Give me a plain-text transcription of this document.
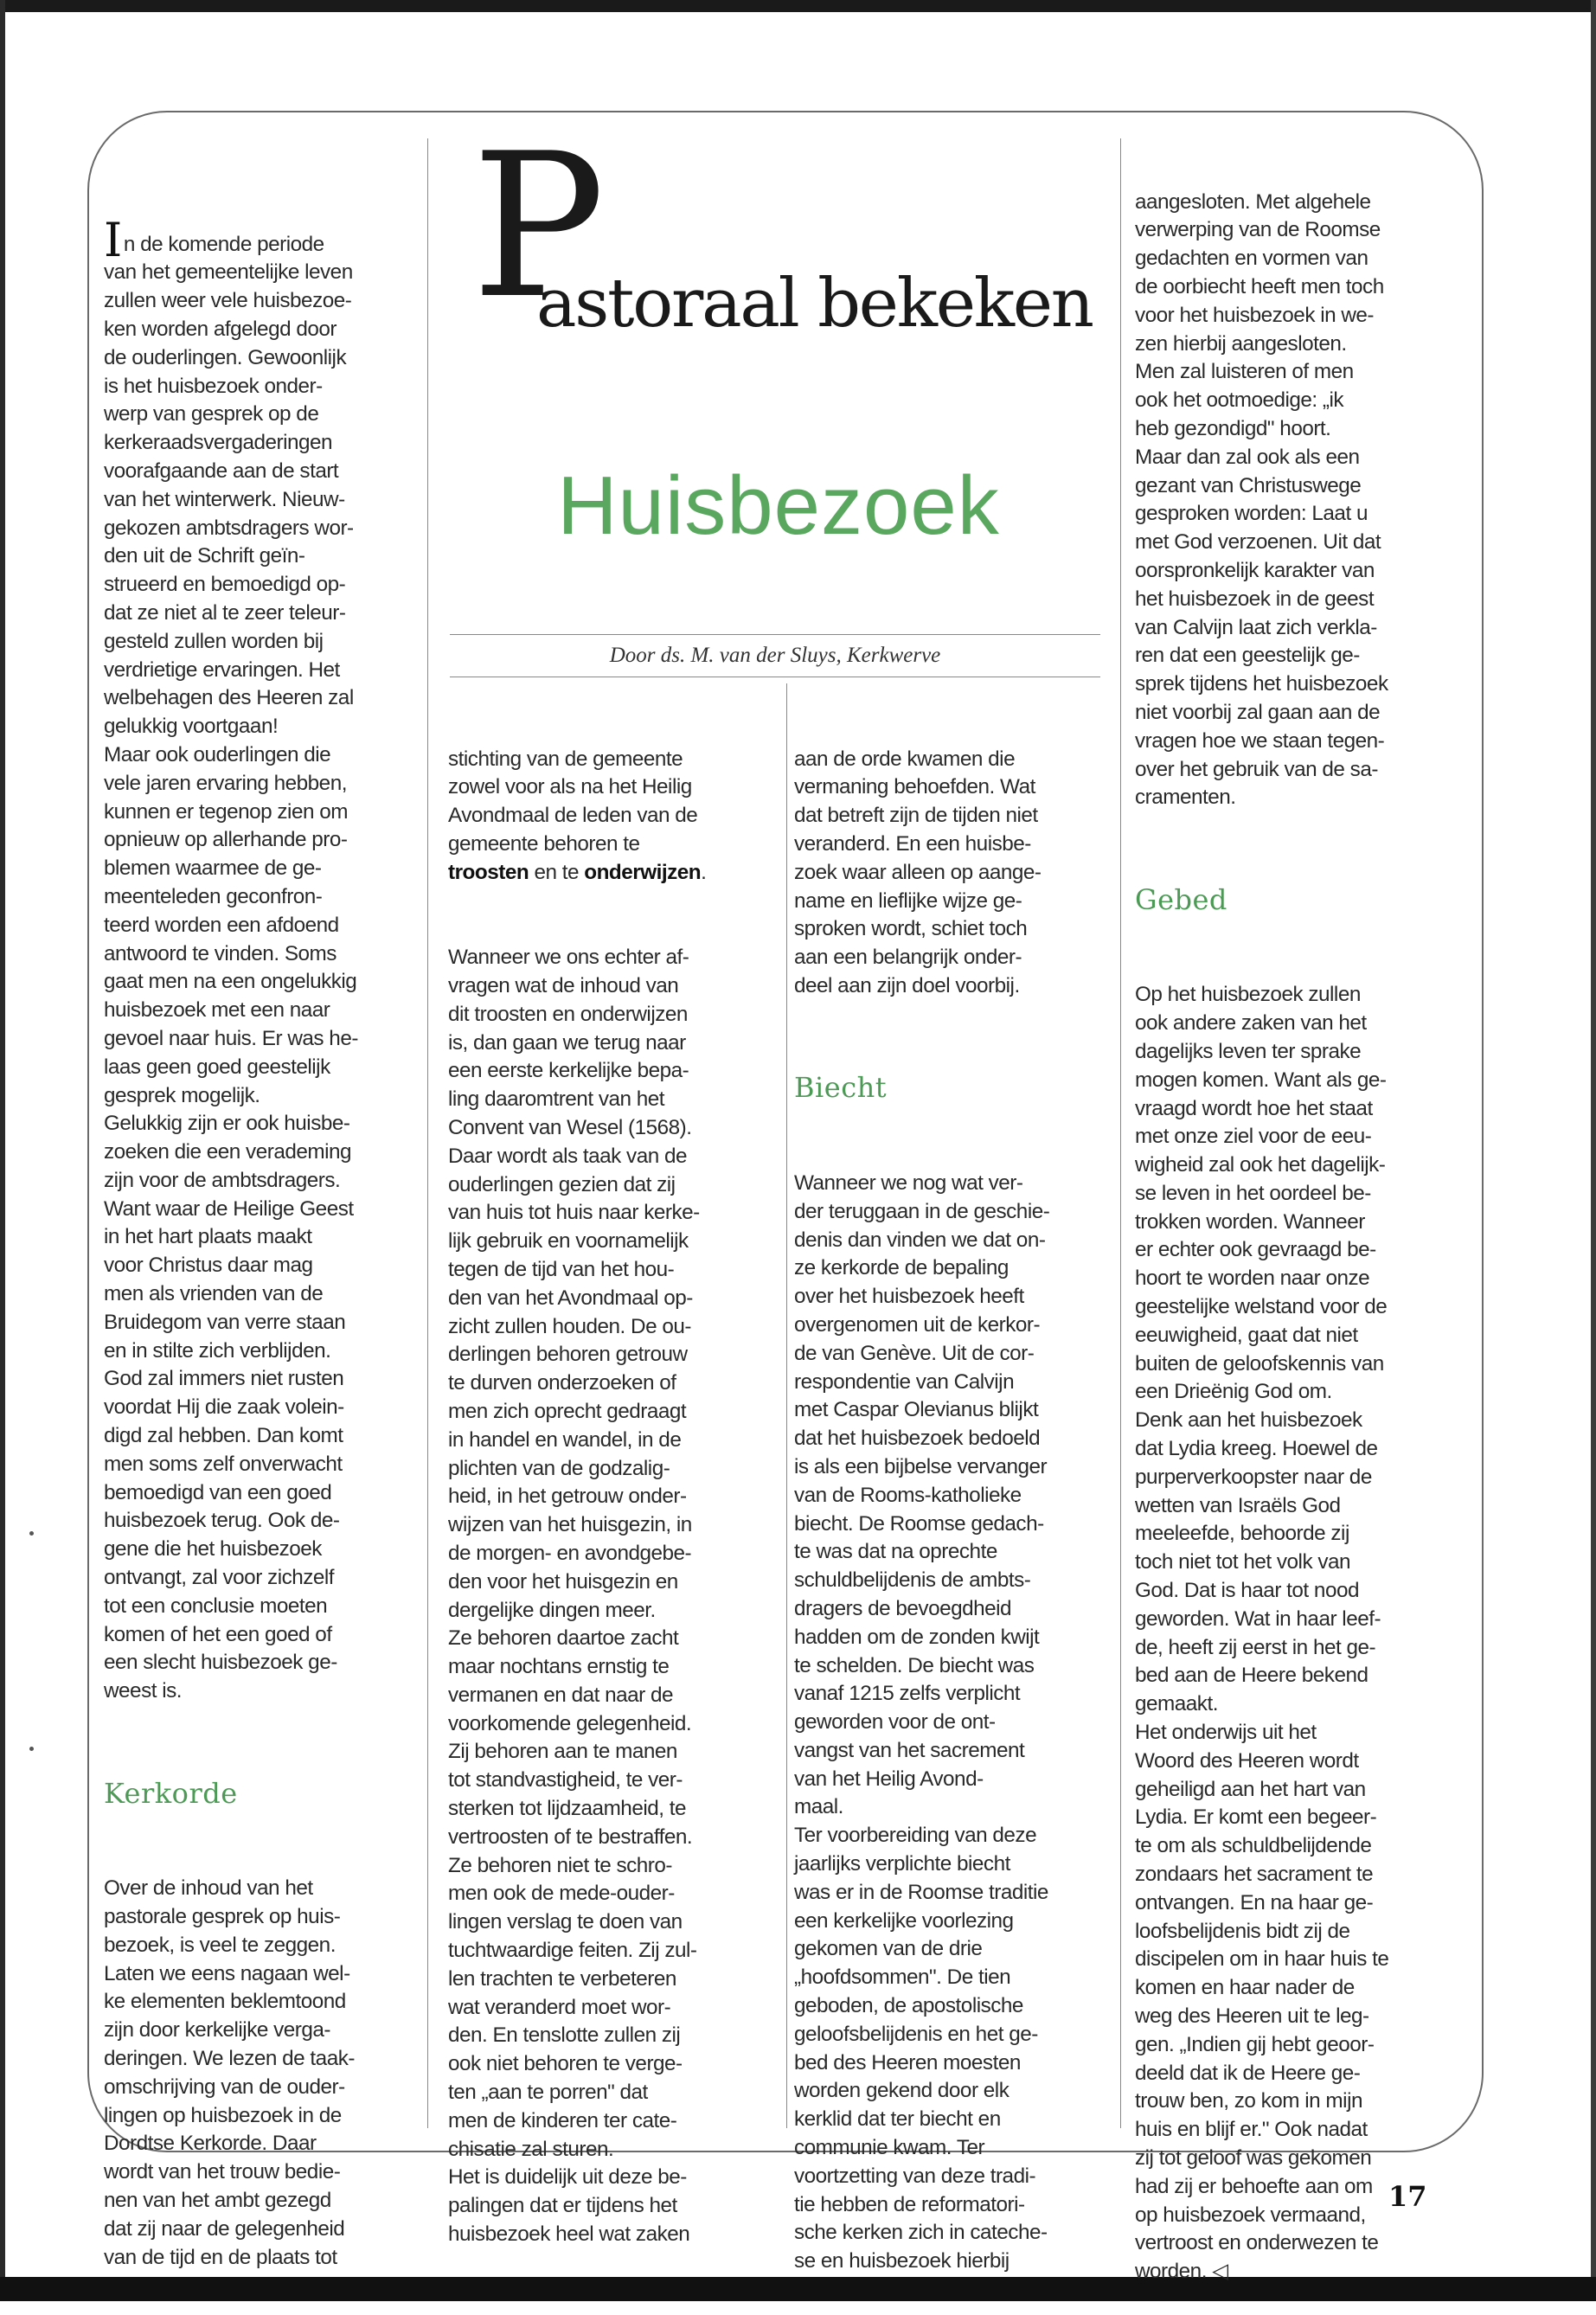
P
astoraal bekeken
Huisbezoek
Door ds. M. van der Sluys, Kerkwerve

In de komende periode
van het gemeentelijke leven
zullen weer vele huisbezoe-
ken worden afgelegd door
de ouderlingen. Gewoonlijk
is het huisbezoek onder-
werp van gesprek op de
kerkeraadsvergaderingen
voorafgaande aan de start
van het winterwerk. Nieuw-
gekozen ambtsdragers wor-
den uit de Schrift geïn-
strueerd en bemoedigd op-
dat ze niet al te zeer teleur-
gesteld zullen worden bij
verdrietige ervaringen. Het
welbehagen des Heeren zal
gelukkig voortgaan!
Maar ook ouderlingen die
vele jaren ervaring hebben,
kunnen er tegenop zien om
opnieuw op allerhande pro-
blemen waarmee de ge-
meenteleden geconfron-
teerd worden een afdoend
antwoord te vinden. Soms
gaat men na een ongelukkig
huisbezoek met een naar
gevoel naar huis. Er was he-
laas geen goed geestelijk
gesprek mogelijk.
Gelukkig zijn er ook huisbe-
zoeken die een verademing
zijn voor de ambtsdragers.
Want waar de Heilige Geest
in het hart plaats maakt
voor Christus daar mag
men als vrienden van de
Bruidegom van verre staan
en in stilte zich verblijden.
God zal immers niet rusten
voordat Hij die zaak volein-
digd zal hebben. Dan komt
men soms zelf onverwacht
bemoedigd van een goed
huisbezoek terug. Ook de-
gene die het huisbezoek
ontvangt, zal voor zichzelf
tot een conclusie moeten
komen of het een goed of
een slecht huisbezoek ge-
weest is.

Kerkorde

Over de inhoud van het
pastorale gesprek op huis-
bezoek, is veel te zeggen.
Laten we eens nagaan wel-
ke elementen beklemtoond
zijn door kerkelijke verga-
deringen. We lezen de taak-
omschrijving van de ouder-
lingen op huisbezoek in de
Dordtse Kerkorde. Daar
wordt van het trouw bedie-
nen van het ambt gezegd
dat zij naar de gelegenheid
van de tijd en de plaats tot

stichting van de gemeente
zowel voor als na het Heilig
Avondmaal de leden van de
gemeente behoren te
troosten en te onderwijzen.

Wanneer we ons echter af-
vragen wat de inhoud van
dit troosten en onderwijzen
is, dan gaan we terug naar
een eerste kerkelijke bepa-
ling daaromtrent van het
Convent van Wesel (1568).
Daar wordt als taak van de
ouderlingen gezien dat zij
van huis tot huis naar kerke-
lijk gebruik en voornamelijk
tegen de tijd van het hou-
den van het Avondmaal op-
zicht zullen houden. De ou-
derlingen behoren getrouw
te durven onderzoeken of
men zich oprecht gedraagt
in handel en wandel, in de
plichten van de godzalig-
heid, in het getrouw onder-
wijzen van het huisgezin, in
de morgen- en avondgebe-
den voor het huisgezin en
dergelijke dingen meer.
Ze behoren daartoe zacht
maar nochtans ernstig te
vermanen en dat naar de
voorkomende gelegenheid.
Zij behoren aan te manen
tot standvastigheid, te ver-
sterken tot lijdzaamheid, te
vertroosten of te bestraffen.
Ze behoren niet te schro-
men ook de mede-ouder-
lingen verslag te doen van
tuchtwaardige feiten. Zij zul-
len trachten te verbeteren
wat veranderd moet wor-
den. En tenslotte zullen zij
ook niet behoren te verge-
ten „aan te porren" dat
men de kinderen ter cate-
chisatie zal sturen.
Het is duidelijk uit deze be-
palingen dat er tijdens het
huisbezoek heel wat zaken

aan de orde kwamen die
vermaning behoefden. Wat
dat betreft zijn de tijden niet
veranderd. En een huisbe-
zoek waar alleen op aange-
name en lieflijke wijze ge-
sproken wordt, schiet toch
aan een belangrijk onder-
deel aan zijn doel voorbij.

Biecht

Wanneer we nog wat ver-
der teruggaan in de geschie-
denis dan vinden we dat on-
ze kerkorde de bepaling
over het huisbezoek heeft
overgenomen uit de kerkor-
de van Genève. Uit de cor-
respondentie van Calvijn
met Caspar Olevianus blijkt
dat het huisbezoek bedoeld
is als een bijbelse vervanger
van de Rooms-katholieke
biecht. De Roomse gedach-
te was dat na oprechte
schuldbelijdenis de ambts-
dragers de bevoegdheid
hadden om de zonden kwijt
te schelden. De biecht was
vanaf 1215 zelfs verplicht
geworden voor de ont-
vangst van het sacrement
van het Heilig Avond-
maal.
Ter voorbereiding van deze
jaarlijks verplichte biecht
was er in de Roomse traditie
een kerkelijke voorlezing
gekomen van de drie
„hoofdsommen". De tien
geboden, de apostolische
geloofsbelijdenis en het ge-
bed des Heeren moesten
worden gekend door elk
kerklid dat ter biecht en
communie kwam. Ter
voortzetting van deze tradi-
tie hebben de reformatori-
sche kerken zich in cateche-
se en huisbezoek hierbij

aangesloten. Met algehele
verwerping van de Roomse
gedachten en vormen van
de oorbiecht heeft men toch
voor het huisbezoek in we-
zen hierbij aangesloten.
Men zal luisteren of men
ook het ootmoedige: „ik
heb gezondigd" hoort.
Maar dan zal ook als een
gezant van Christuswege
gesproken worden: Laat u
met God verzoenen. Uit dat
oorspronkelijk karakter van
het huisbezoek in de geest
van Calvijn laat zich verkla-
ren dat een geestelijk ge-
sprek tijdens het huisbezoek
niet voorbij zal gaan aan de
vragen hoe we staan tegen-
over het gebruik van de sa-
cramenten.

Gebed

Op het huisbezoek zullen
ook andere zaken van het
dagelijks leven ter sprake
mogen komen. Want als ge-
vraagd wordt hoe het staat
met onze ziel voor de eeu-
wigheid zal ook het dagelijk-
se leven in het oordeel be-
trokken worden. Wanneer
er echter ook gevraagd be-
hoort te worden naar onze
geestelijke welstand voor de
eeuwigheid, gaat dat niet
buiten de geloofskennis van
een Drieënig God om.
Denk aan het huisbezoek
dat Lydia kreeg. Hoewel de
purperverkoopster naar de
wetten van Israëls God
meeleefde, behoorde zij
toch niet tot het volk van
God. Dat is haar tot nood
geworden. Wat in haar leef-
de, heeft zij eerst in het ge-
bed aan de Heere bekend
gemaakt.
Het onderwijs uit het
Woord des Heeren wordt
geheiligd aan het hart van
Lydia. Er komt een begeer-
te om als schuldbelijdende
zondaars het sacrament te
ontvangen. En na haar ge-
loofsbelijdenis bidt zij de
discipelen om in haar huis te
komen en haar nader de
weg des Heeren uit te leg-
gen. „Indien gij hebt geoor-
deeld dat ik de Heere ge-
trouw ben, zo kom in mijn
huis en blijf er." Ook nadat
zij tot geloof was gekomen
had zij er behoefte aan om
op huisbezoek vermaand,
vertroost en onderwezen te
worden. ◁

17
